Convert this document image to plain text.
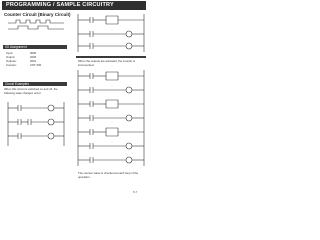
PROGRAMMING / SAMPLE CIRCUITRY
Counter Circuit (Binary Circuit)
I/O Assignment
Input:	0000
Output:	0200
Outputs:	0201
Counter:	CNT 000
Circuit Examples
When this circuit is switched on and off, the following state changes occur.
When the outputs are activated, the counter is incremented.
The counter value is checked at each step of the operation.
5-7
